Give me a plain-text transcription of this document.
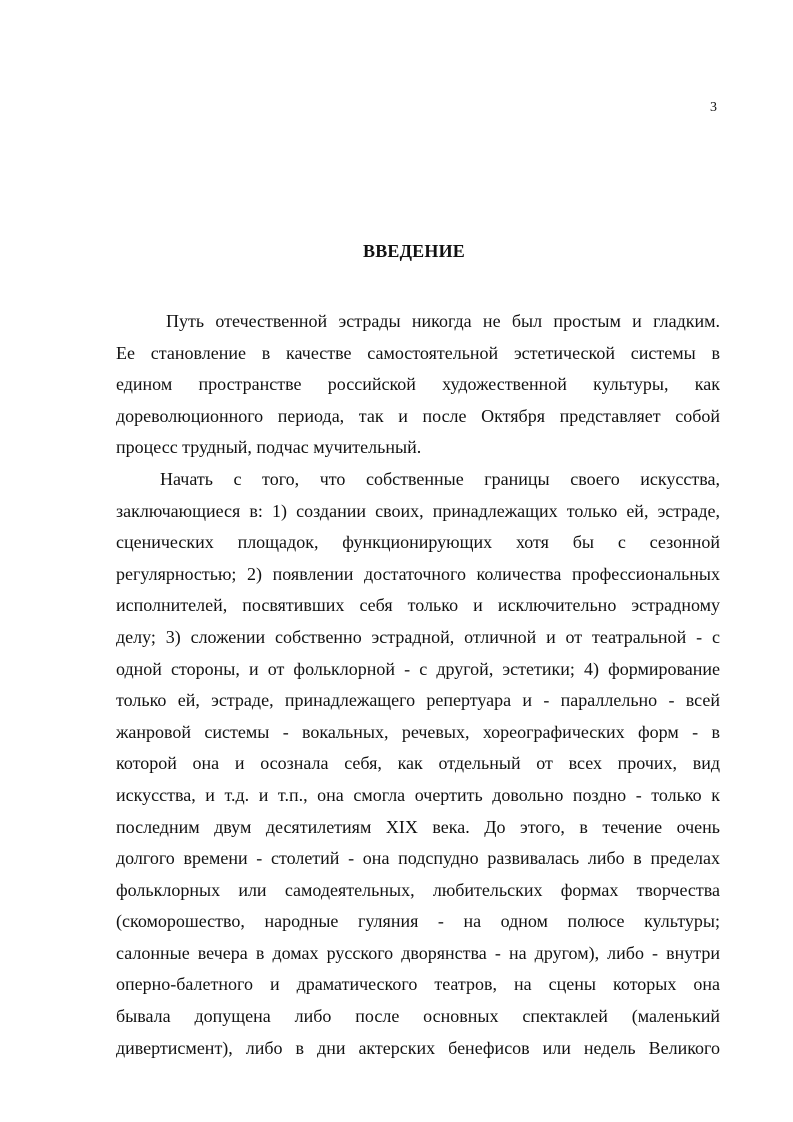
3
ВВЕДЕНИЕ
Путь отечественной эстрады никогда не был простым и гладким.
Ее становление в качестве самостоятельной эстетической системы в
едином пространстве российской художественной культуры, как
дореволюционного периода, так и после Октября представляет собой
процесс трудный, подчас мучительный.
Начать с того, что собственные границы своего искусства,
заключающиеся в: 1) создании своих, принадлежащих только ей, эстраде,
сценических площадок, функционирующих хотя бы с сезонной
регулярностью; 2) появлении достаточного количества профессиональных
исполнителей, посвятивших себя только и исключительно эстрадному
делу; 3) сложении собственно эстрадной, отличной и от театральной - с
одной стороны, и от фольклорной - с другой, эстетики; 4) формирование
только ей, эстраде, принадлежащего репертуара и - параллельно - всей
жанровой системы - вокальных, речевых, хореографических форм - в
которой она и осознала себя, как отдельный от всех прочих, вид
искусства, и т.д. и т.п., она смогла очертить довольно поздно - только к
последним двум десятилетиям XIX века. До этого, в течение очень
долгого времени - столетий - она подспудно развивалась либо в пределах
фольклорных или самодеятельных, любительских формах творчества
(скоморошество, народные гуляния - на одном полюсе культуры;
салонные вечера в домах русского дворянства - на другом), либо - внутри
оперно-балетного и драматического театров, на сцены которых она
бывала допущена либо после основных спектаклей (маленький
дивертисмент), либо в дни актерских бенефисов или недель Великого
